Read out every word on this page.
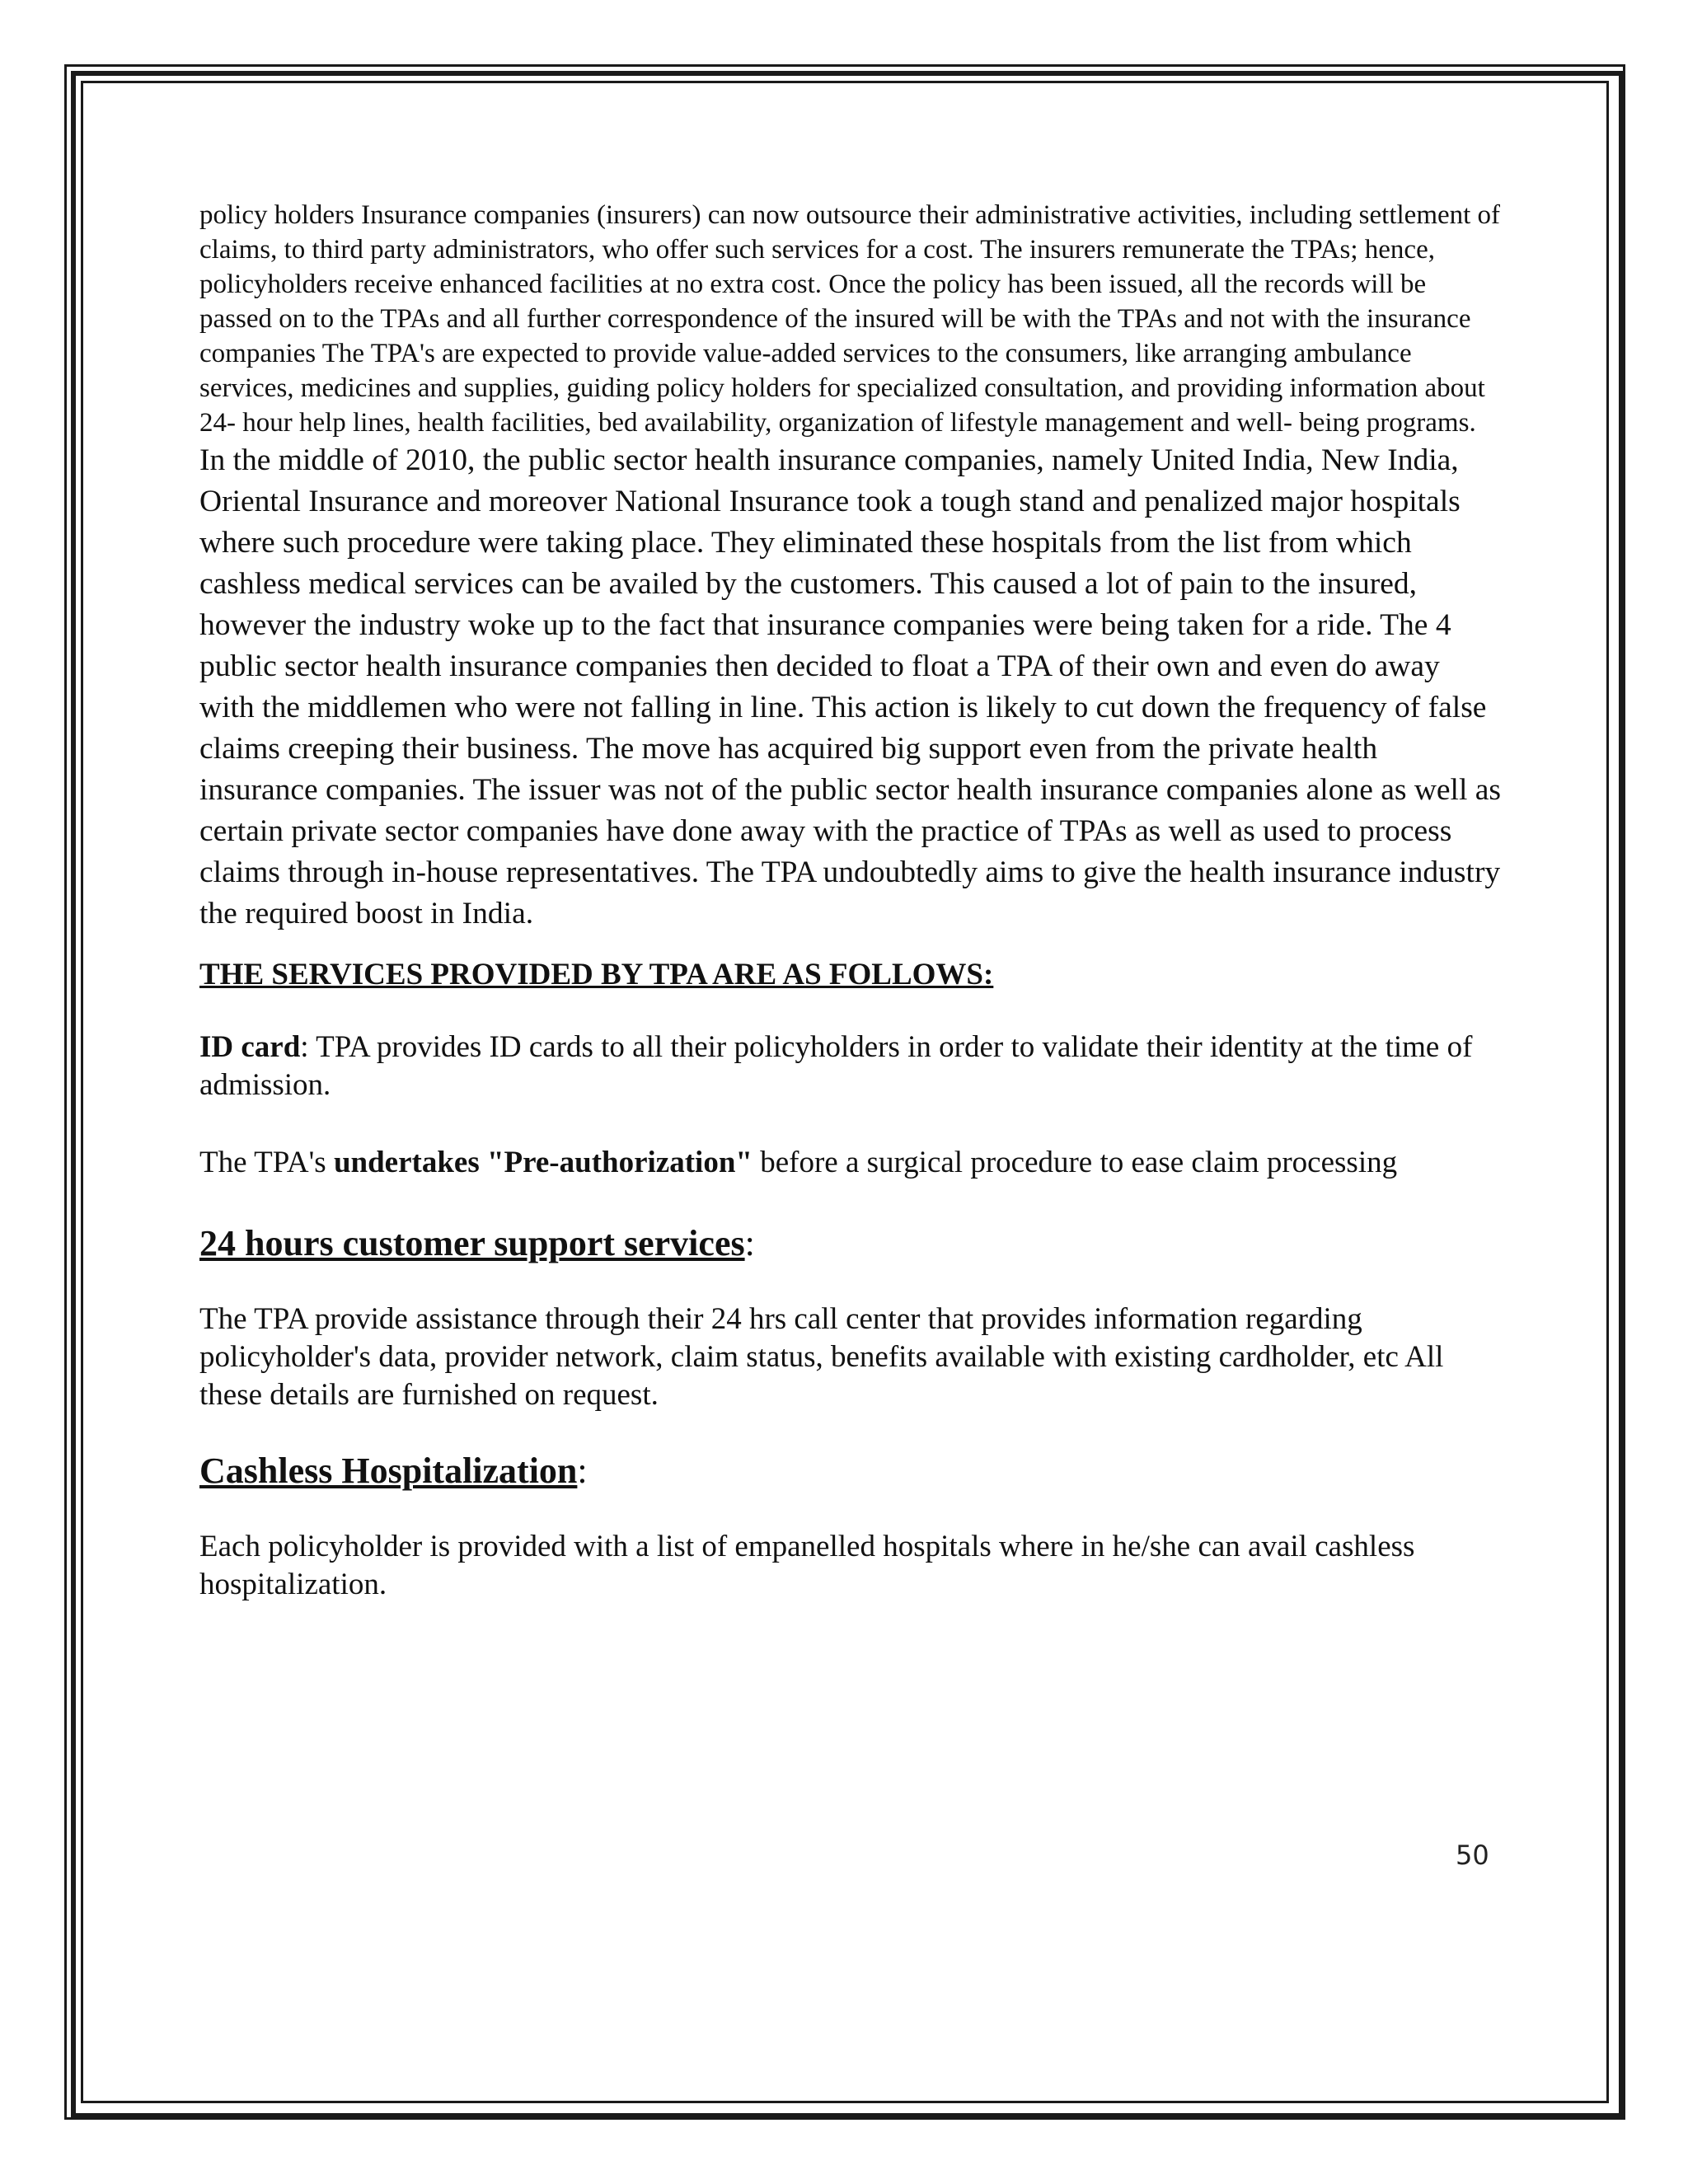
policy holders Insurance companies (insurers) can now outsource their administrative activities, including settlement of claims, to third party administrators, who offer such services for a cost. The insurers remunerate the TPAs; hence, policyholders receive enhanced facilities at no extra cost. Once the policy has been issued, all the records will be passed on to the TPAs and all further correspondence of the insured will be with the TPAs and not with the insurance companies The TPA's are expected to provide value-added services to the consumers, like arranging ambulance services, medicines and supplies, guiding policy holders for specialized consultation, and providing information about 24- hour help lines, health facilities, bed availability, organization of lifestyle management and well- being programs.

In the middle of 2010, the public sector health insurance companies, namely United India, New India, Oriental Insurance and moreover National Insurance took a tough stand and penalized major hospitals where such procedure were taking place. They eliminated these hospitals from the list from which cashless medical services can be availed by the customers. This caused a lot of pain to the insured, however the industry woke up to the fact that insurance companies were being taken for a ride. The 4 public sector health insurance companies then decided to float a TPA of their own and even do away with the middlemen who were not falling in line. This action is likely to cut down the frequency of false claims creeping their business. The move has acquired big support even from the private health insurance companies. The issuer was not of the public sector health insurance companies alone as well as certain private sector companies have done away with the practice of TPAs as well as used to process claims through in-house representatives. The TPA undoubtedly aims to give the health insurance industry the required boost in India.

THE SERVICES PROVIDED BY TPA ARE AS FOLLOWS:

ID card: TPA provides ID cards to all their policyholders in order to validate their identity at the time of admission.

The TPA's undertakes "Pre-authorization" before a surgical procedure to ease claim processing

24 hours customer support services:

The TPA provide assistance through their 24 hrs call center that provides information regarding policyholder's data, provider network, claim status, benefits available with existing cardholder, etc All these details are furnished on request.

Cashless Hospitalization:

Each policyholder is provided with a list of empanelled hospitals where in he/she can avail cashless hospitalization.

50
